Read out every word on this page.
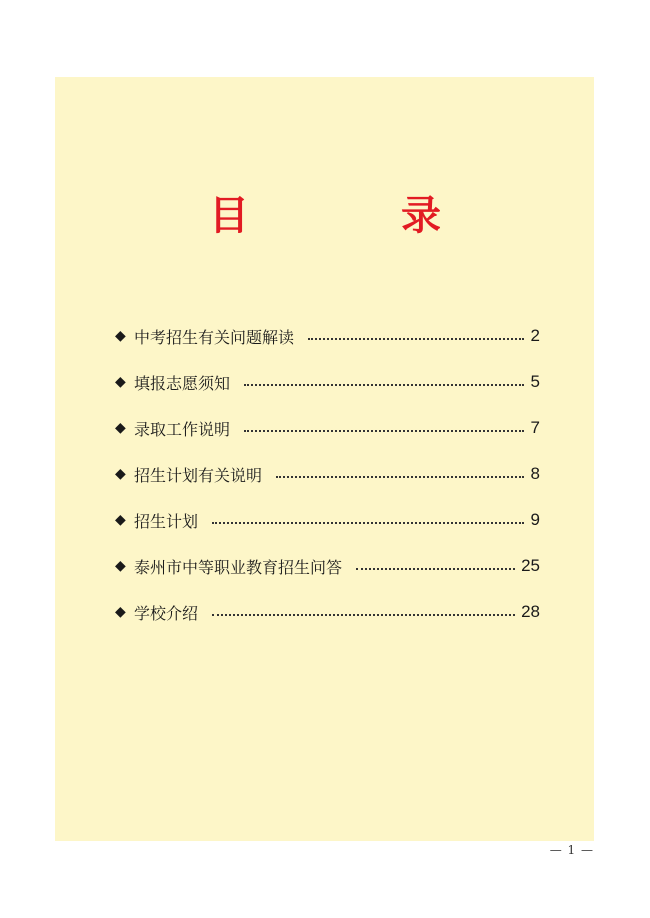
目　录
◆ 中考招生有关问题解读	2
◆ 填报志愿须知	5
◆ 录取工作说明	7
◆ 招生计划有关说明	8
◆ 招生计划	9
◆ 泰州市中等职业教育招生问答	25
◆ 学校介绍	28
— 1 —
